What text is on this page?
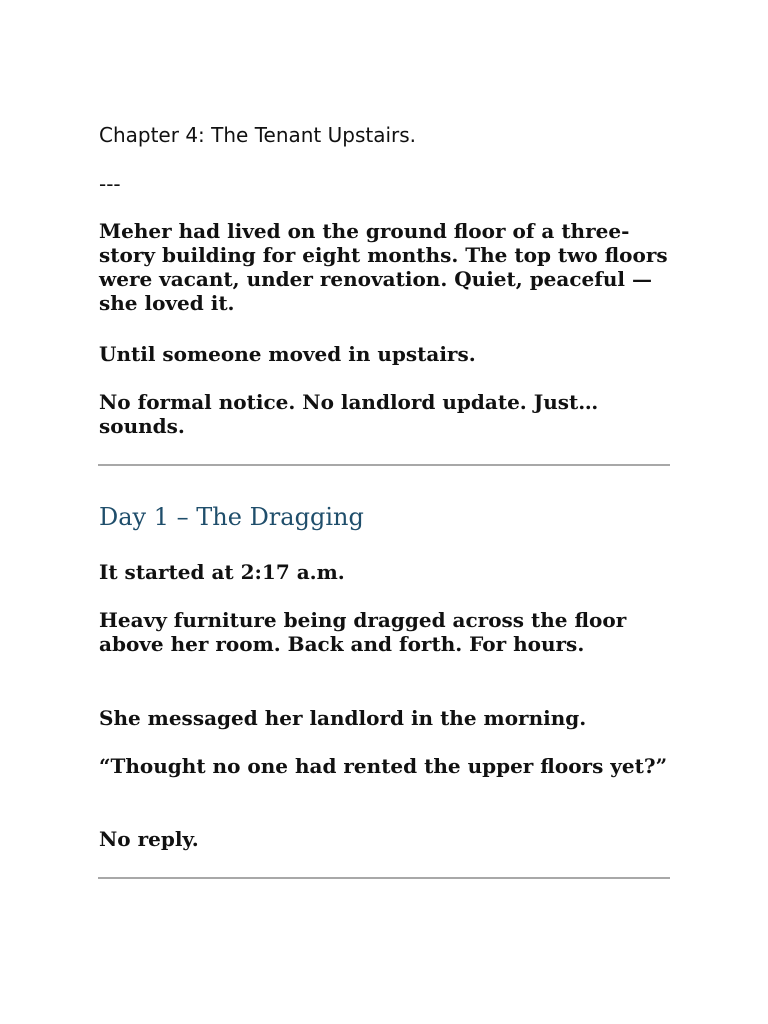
Chapter 4: The Tenant Upstairs.
---

Meher had lived on the ground floor of a three-story building for eight months. The top two floors were vacant, under renovation. Quiet, peaceful — she loved it.

Until someone moved in upstairs.

No formal notice. No landlord update. Just… sounds.

Day 1 – The Dragging

It started at 2:17 a.m.

Heavy furniture being dragged across the floor above her room. Back and forth. For hours.

She messaged her landlord in the morning.

“Thought no one had rented the upper floors yet?”

No reply.
